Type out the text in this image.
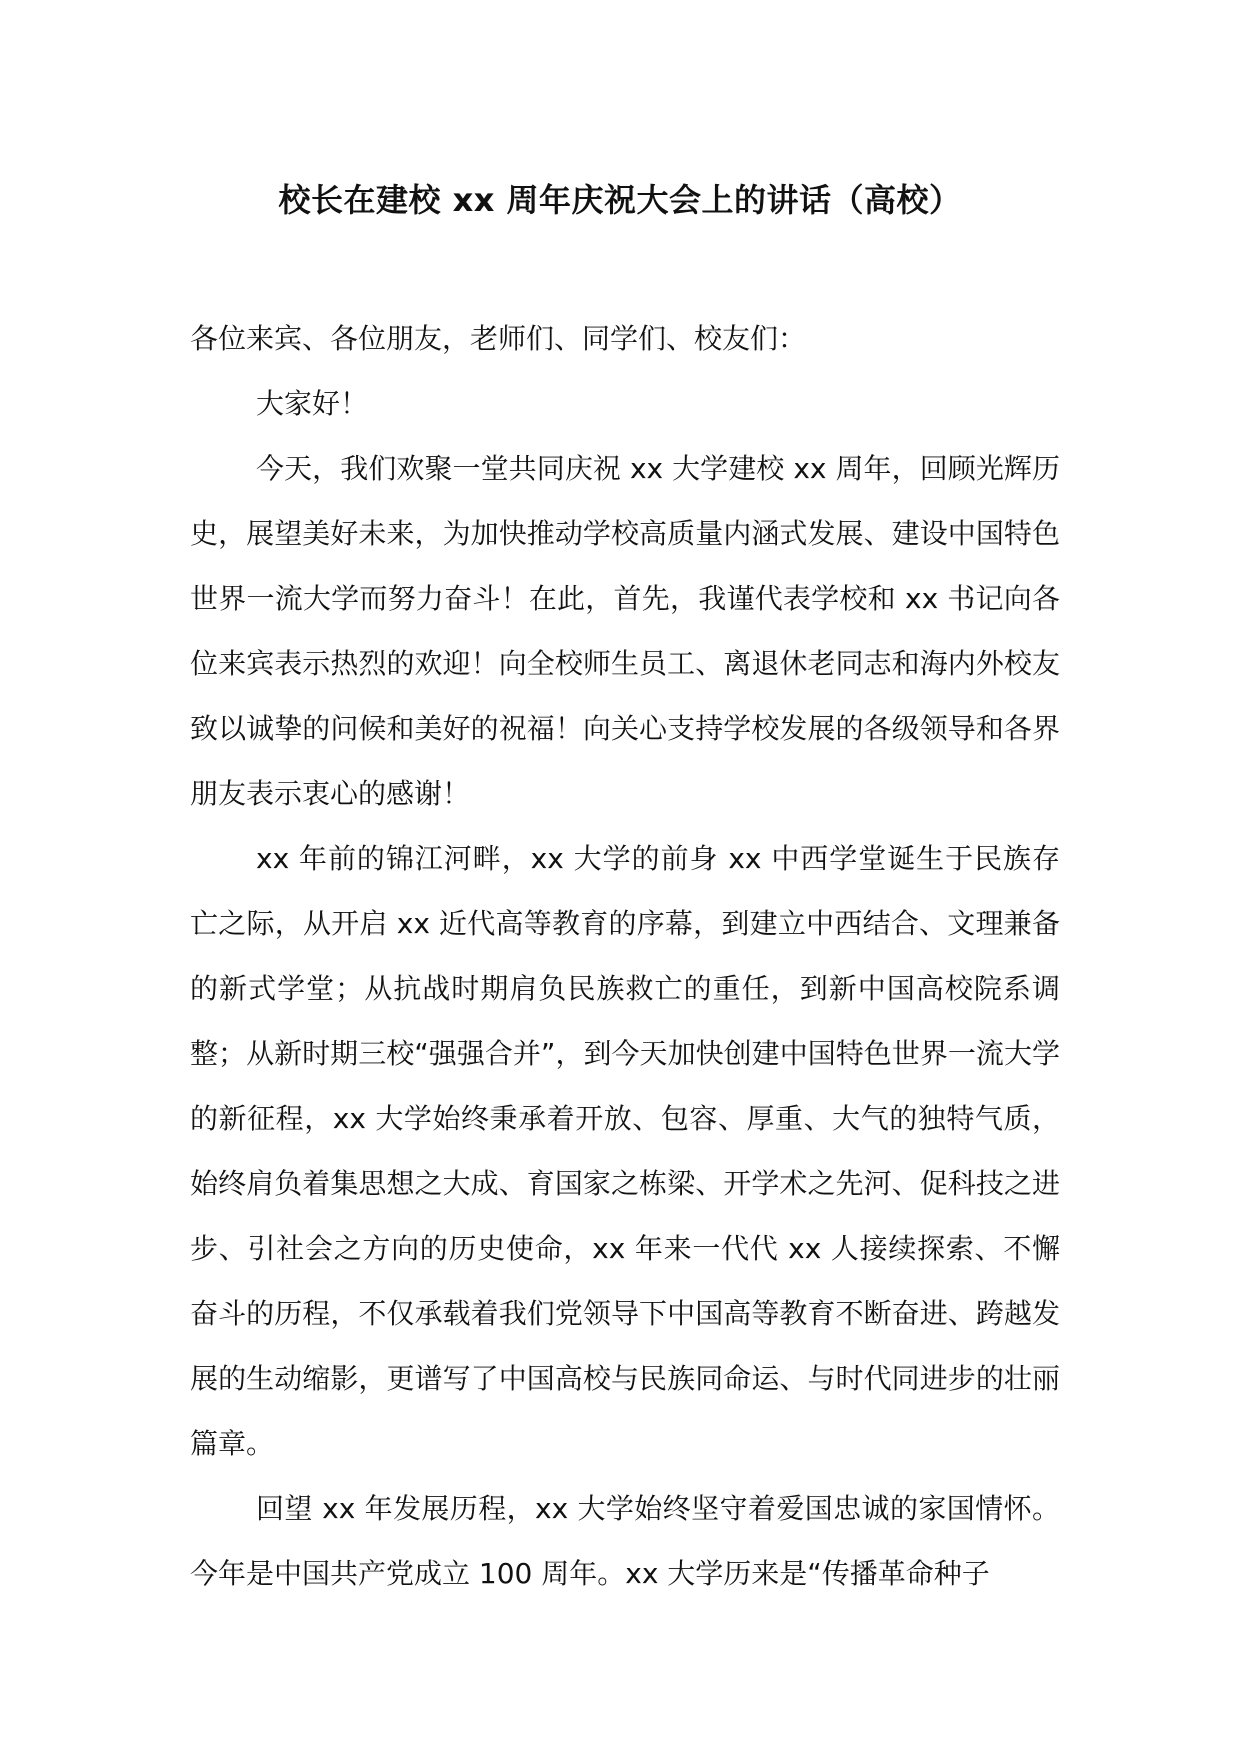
校长在建校 xx 周年庆祝大会上的讲话（高校）

各位来宾、各位朋友，老师们、同学们、校友们：

大家好！

今天，我们欢聚一堂共同庆祝 xx 大学建校 xx 周年，回顾光辉历史，展望美好未来，为加快推动学校高质量内涵式发展、建设中国特色世界一流大学而努力奋斗！在此，首先，我谨代表学校和 xx 书记向各位来宾表示热烈的欢迎！向全校师生员工、离退休老同志和海内外校友致以诚挚的问候和美好的祝福！向关心支持学校发展的各级领导和各界朋友表示衷心的感谢！

xx 年前的锦江河畔，xx 大学的前身 xx 中西学堂诞生于民族存亡之际，从开启 xx 近代高等教育的序幕，到建立中西结合、文理兼备的新式学堂；从抗战时期肩负民族救亡的重任，到新中国高校院系调整；从新时期三校“强强合并”，到今天加快创建中国特色世界一流大学的新征程，xx 大学始终秉承着开放、包容、厚重、大气的独特气质，始终肩负着集思想之大成、育国家之栋梁、开学术之先河、促科技之进步、引社会之方向的历史使命，xx 年来一代代 xx 人接续探索、不懈奋斗的历程，不仅承载着我们党领导下中国高等教育不断奋进、跨越发展的生动缩影，更谱写了中国高校与民族同命运、与时代同进步的壮丽篇章。

回望 xx 年发展历程，xx 大学始终坚守着爱国忠诚的家国情怀。今年是中国共产党成立 100 周年。xx 大学历来是“传播革命种子
